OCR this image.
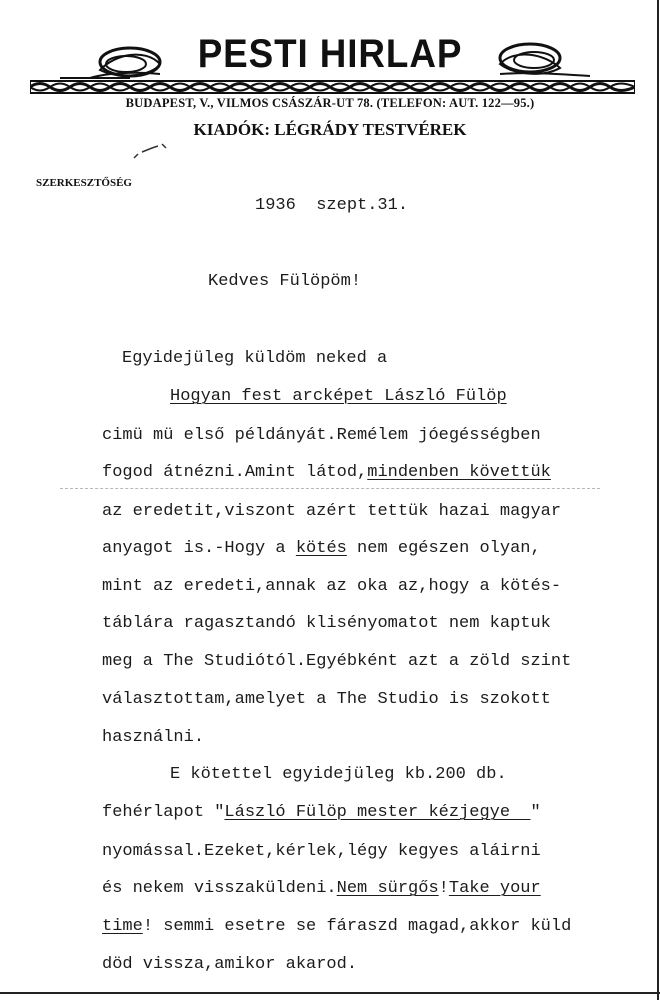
PESTI HIRLAP
BUDAPEST, V., VILMOS CSÁSZÁR-UT 78. (TELEFON: AUT. 122—95.)
KIADÓK: LÉGRÁDY TESTVÉREK
SZERKESZTŐSÉG
1936  szept.31.
Kedves Fülöpöm!
Egyidejüleg küldöm neked a
Hogyan fest arcképet László Fülöp
cimü mü első példányát.Remélem jóegésségben
fogod átnézni.Amint látod,mindenben követtük
az eredetit,viszont azért tettük hazai magyar
anyagot is.-Hogy a kötés nem egészen olyan,
mint az eredeti,annak az oka az,hogy a kötés-
táblára ragasztandó klisényomatot nem kaptuk
meg a The Studiótól.Egyébként azt a zöld szint
választottam,amelyet a The Studio is szokott
használni.
E kötettel egyidejüleg kb.200 db.
fehérlapot "László Fülöp mester kézjegye  "
nyomással.Ezeket,kérlek,légy kegyes aláirni
és nekem visszaküldeni.Nem sürgős!Take your
time! semmi esetre se fáraszd magad,akkor küld
död vissza,amikor akarod.
